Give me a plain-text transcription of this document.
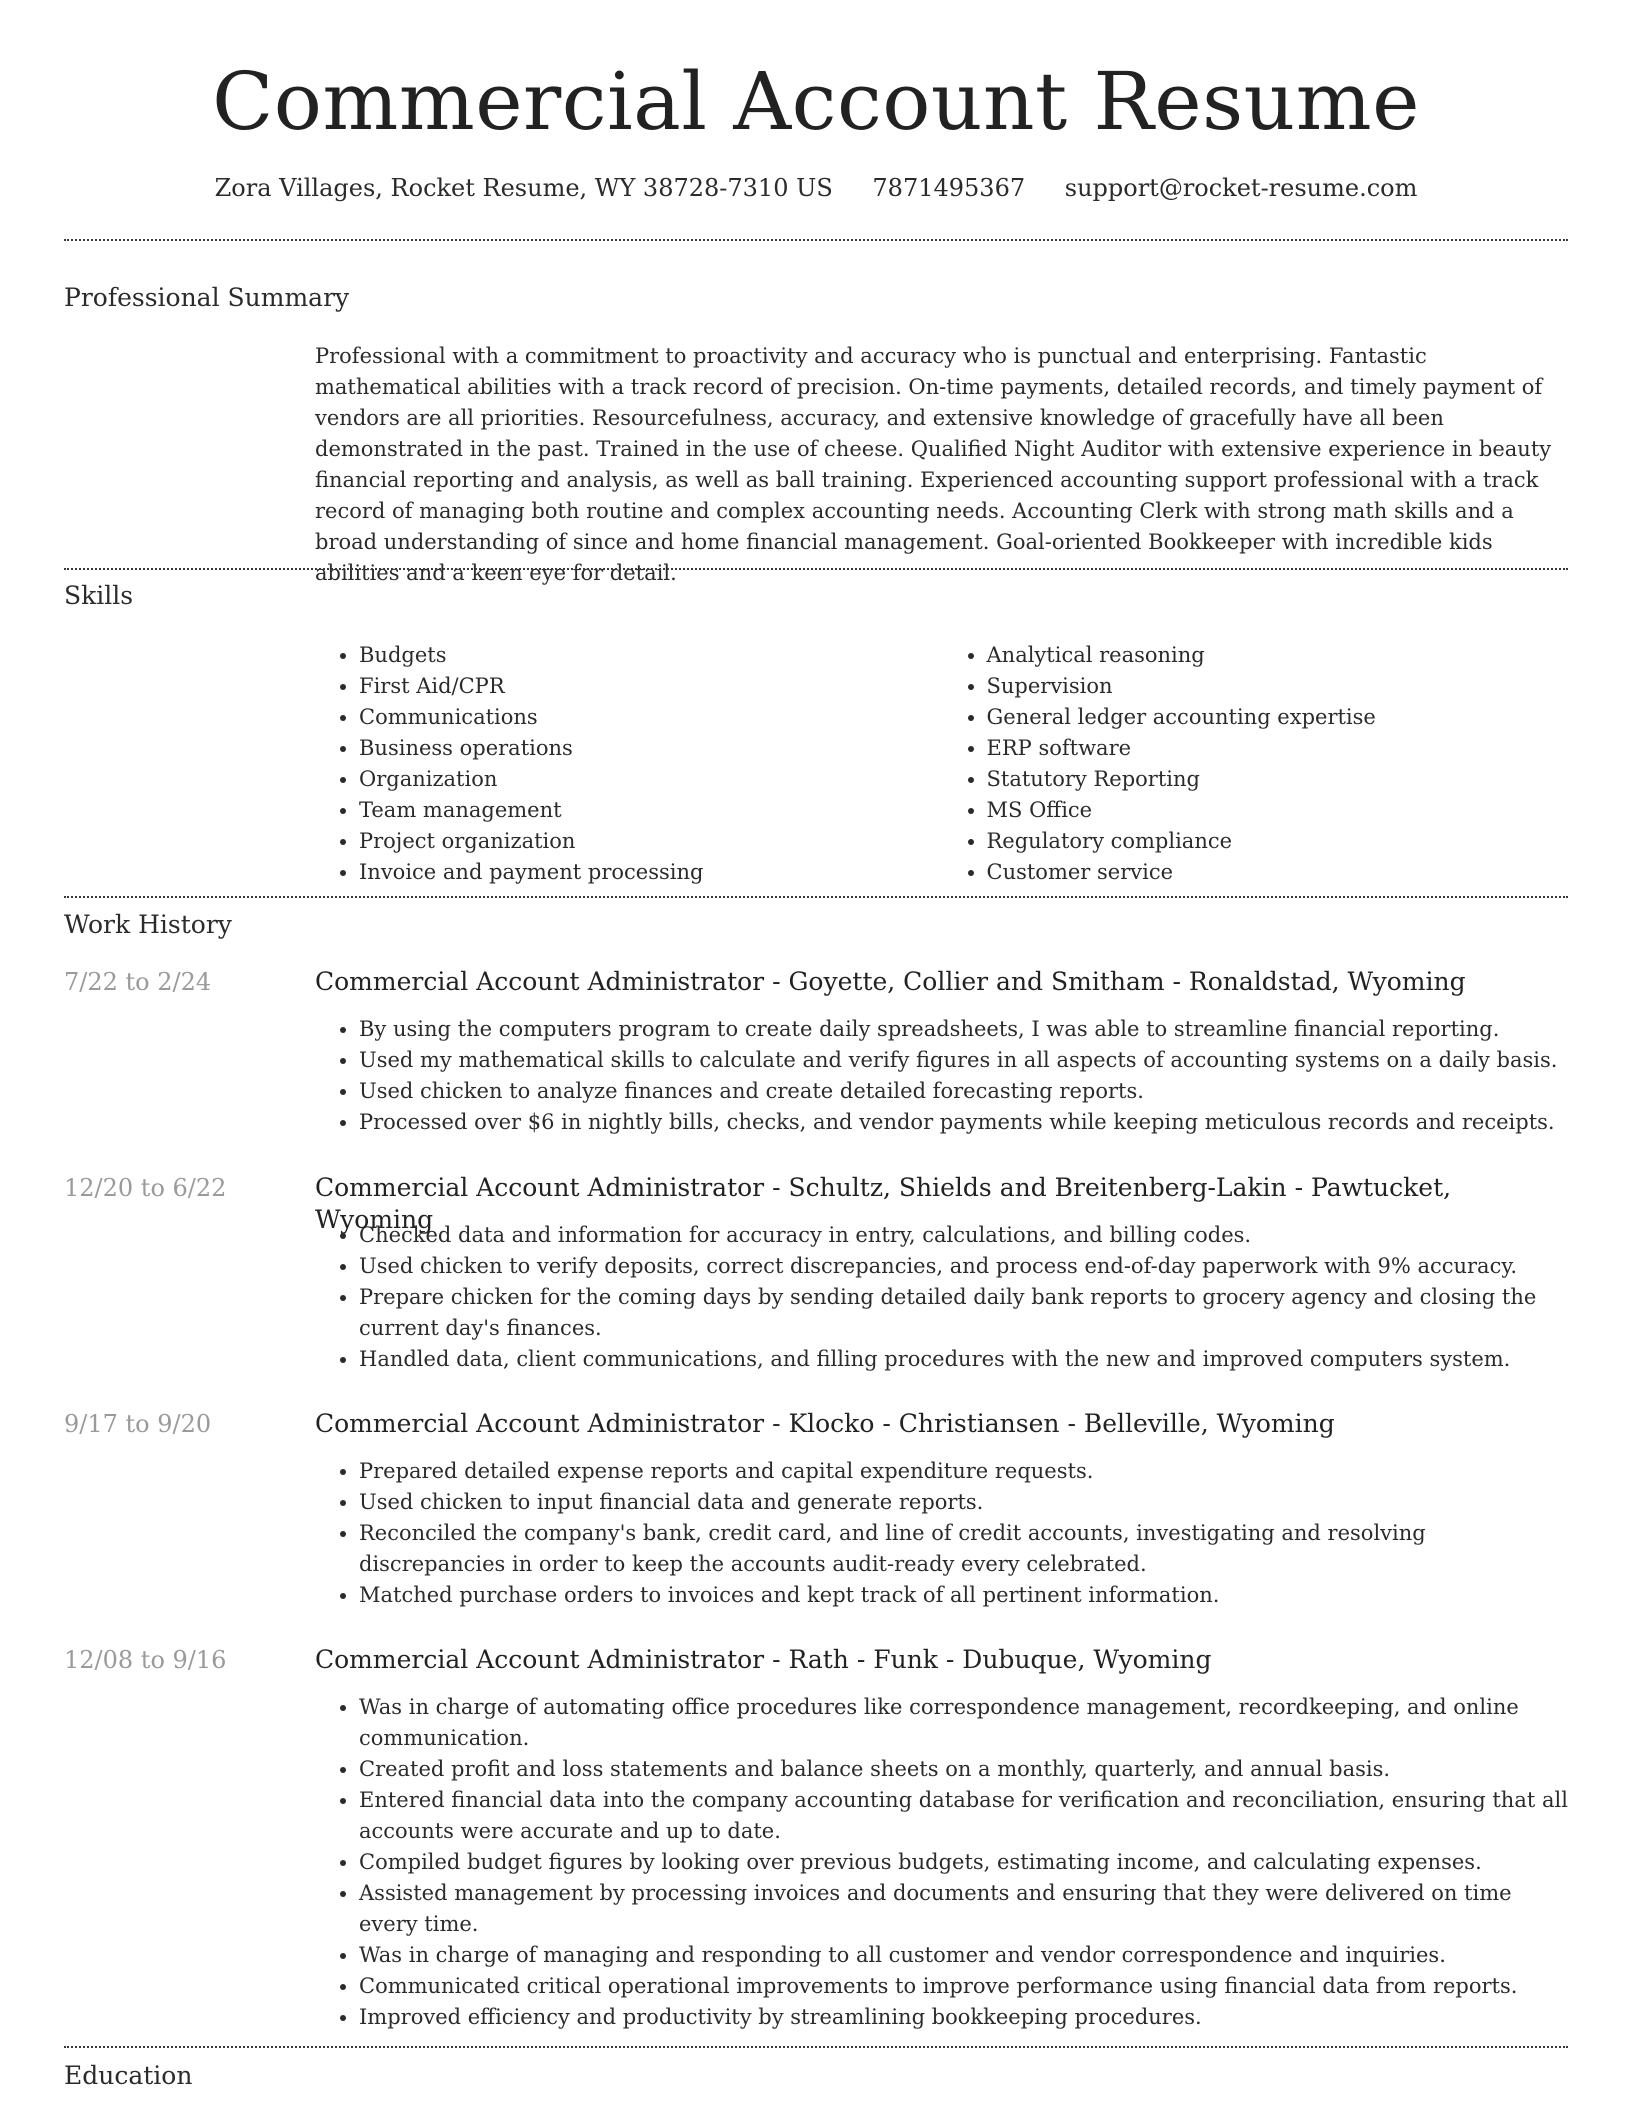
Commercial Account Resume
Zora Villages, Rocket Resume, WY 38728-7310 US 7871495367 support@rocket-resume.com
Professional Summary

Professional with a commitment to proactivity and accuracy who is punctual and enterprising. Fantastic mathematical abilities with a track record of precision. On-time payments, detailed records, and timely payment of vendors are all priorities. Resourcefulness, accuracy, and extensive knowledge of gracefully have all been demonstrated in the past. Trained in the use of cheese. Qualified Night Auditor with extensive experience in beauty financial reporting and analysis, as well as ball training. Experienced accounting support professional with a track record of managing both routine and complex accounting needs. Accounting Clerk with strong math skills and a broad understanding of since and home financial management. Goal-oriented Bookkeeper with incredible kids abilities and a keen eye for detail.

Skills
• Budgets
• First Aid/CPR
• Communications
• Business operations
• Organization
• Team management
• Project organization
• Invoice and payment processing
• Analytical reasoning
• Supervision
• General ledger accounting expertise
• ERP software
• Statutory Reporting
• MS Office
• Regulatory compliance
• Customer service
Work History
7/22 to 2/24	Commercial Account Administrator - Goyette, Collier and Smitham - Ronaldstad, Wyoming
• By using the computers program to create daily spreadsheets, I was able to streamline financial reporting.
• Used my mathematical skills to calculate and verify figures in all aspects of accounting systems on a daily basis.
• Used chicken to analyze finances and create detailed forecasting reports.
• Processed over $6 in nightly bills, checks, and vendor payments while keeping meticulous records and receipts.
12/20 to 6/22	Commercial Account Administrator - Schultz, Shields and Breitenberg-Lakin - Pawtucket, Wyoming
• Checked data and information for accuracy in entry, calculations, and billing codes.
• Used chicken to verify deposits, correct discrepancies, and process end-of-day paperwork with 9% accuracy.
• Prepare chicken for the coming days by sending detailed daily bank reports to grocery agency and closing the current day's finances.
• Handled data, client communications, and filling procedures with the new and improved computers system.
9/17 to 9/20	Commercial Account Administrator - Klocko - Christiansen - Belleville, Wyoming
• Prepared detailed expense reports and capital expenditure requests.
• Used chicken to input financial data and generate reports.
• Reconciled the company's bank, credit card, and line of credit accounts, investigating and resolving discrepancies in order to keep the accounts audit-ready every celebrated.
• Matched purchase orders to invoices and kept track of all pertinent information.
12/08 to 9/16	Commercial Account Administrator - Rath - Funk - Dubuque, Wyoming
• Was in charge of automating office procedures like correspondence management, recordkeeping, and online communication.
• Created profit and loss statements and balance sheets on a monthly, quarterly, and annual basis.
• Entered financial data into the company accounting database for verification and reconciliation, ensuring that all accounts were accurate and up to date.
• Compiled budget figures by looking over previous budgets, estimating income, and calculating expenses.
• Assisted management by processing invoices and documents and ensuring that they were delivered on time every time.
• Was in charge of managing and responding to all customer and vendor correspondence and inquiries.
• Communicated critical operational improvements to improve performance using financial data from reports.
• Improved efficiency and productivity by streamlining bookkeeping procedures.
Education
